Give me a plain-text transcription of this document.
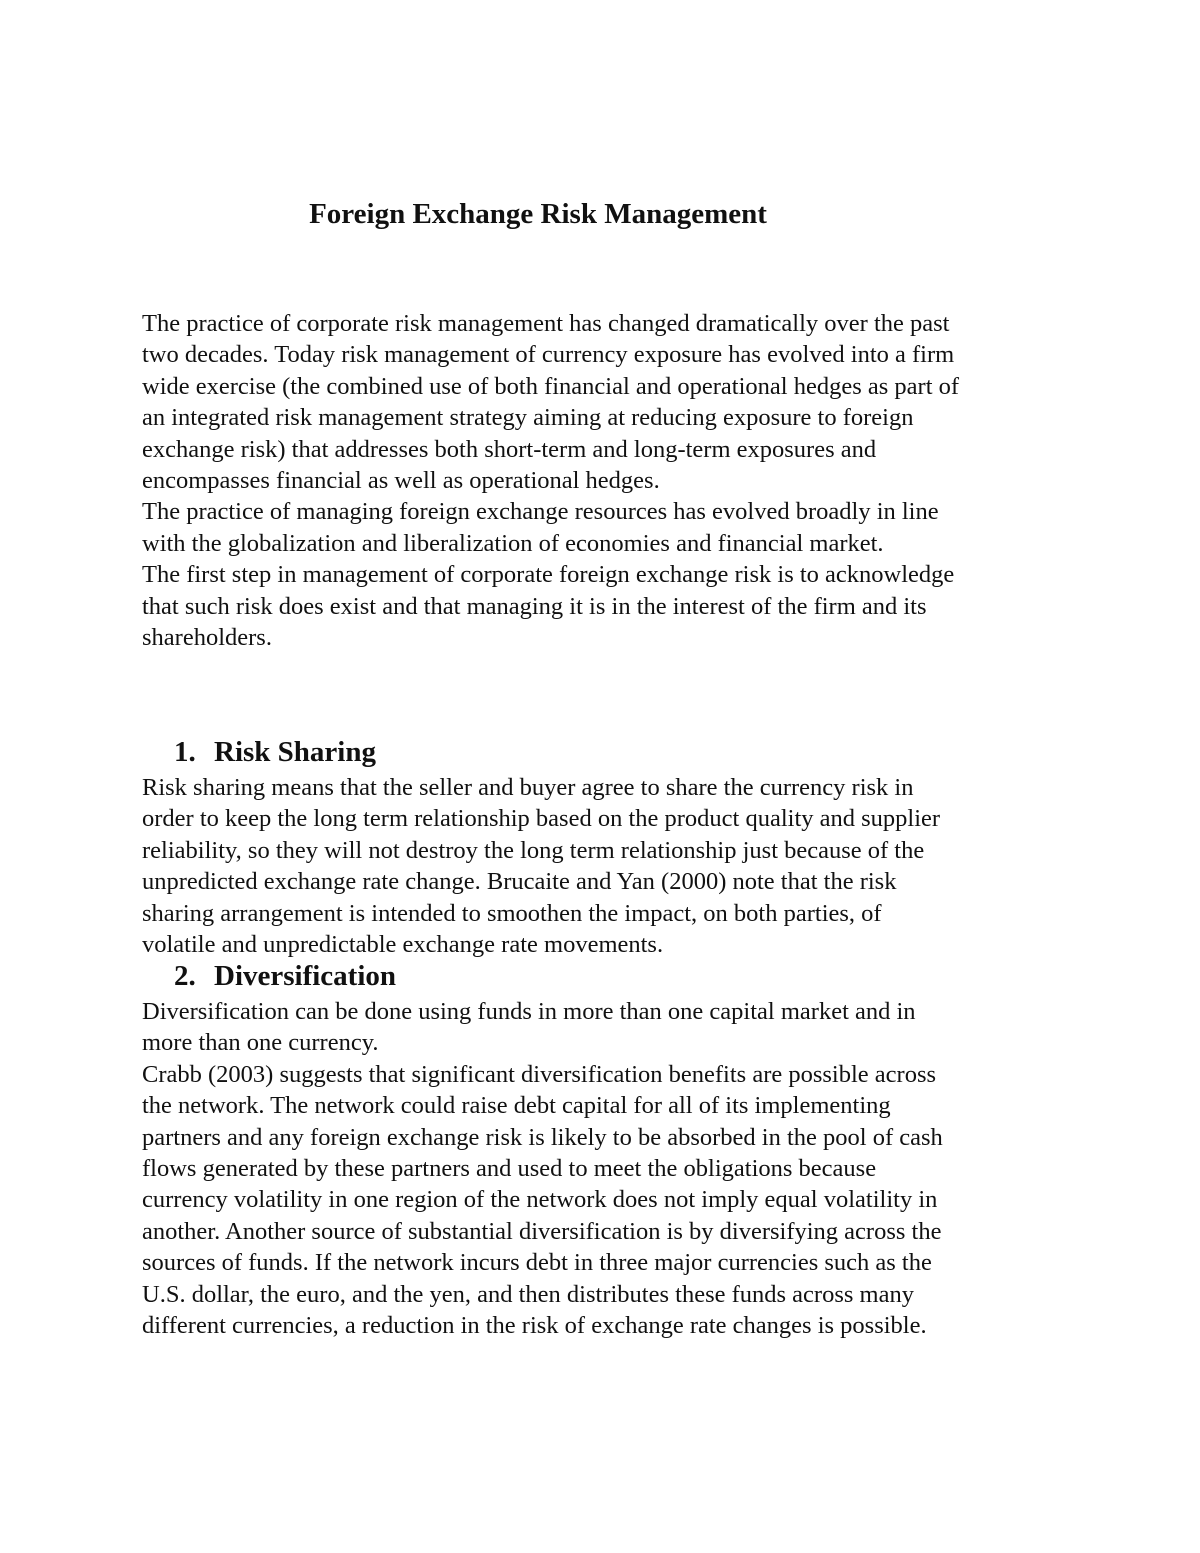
Foreign Exchange Risk Management

The practice of corporate risk management has changed dramatically over the past

two decades. Today risk management of currency exposure has evolved into a firm

wide exercise (the combined use of both financial and operational hedges as part of

an integrated risk management strategy aiming at reducing exposure to foreign

exchange risk) that addresses both short-term and long-term exposures and

encompasses financial as well as operational hedges.

The practice of managing foreign exchange resources has evolved broadly in line

with the globalization and liberalization of economies and financial market.

The first step in management of corporate foreign exchange risk is to acknowledge

that such risk does exist and that managing it is in the interest of the firm and its

shareholders.

1. Risk Sharing

Risk sharing means that the seller and buyer agree to share the currency risk in

order to keep the long term relationship based on the product quality and supplier

reliability, so they will not destroy the long term relationship just because of the

unpredicted exchange rate change. Brucaite and Yan (2000) note that the risk

sharing arrangement is intended to smoothen the impact, on both parties, of

volatile and unpredictable exchange rate movements.

2. Diversification

Diversification can be done using funds in more than one capital market and in

more than one currency.

Crabb (2003) suggests that significant diversification benefits are possible across

the network. The network could raise debt capital for all of its implementing

partners and any foreign exchange risk is likely to be absorbed in the pool of cash

flows generated by these partners and used to meet the obligations because

currency volatility in one region of the network does not imply equal volatility in

another. Another source of substantial diversification is by diversifying across the

sources of funds. If the network incurs debt in three major currencies such as the

U.S. dollar, the euro, and the yen, and then distributes these funds across many

different currencies, a reduction in the risk of exchange rate changes is possible.
